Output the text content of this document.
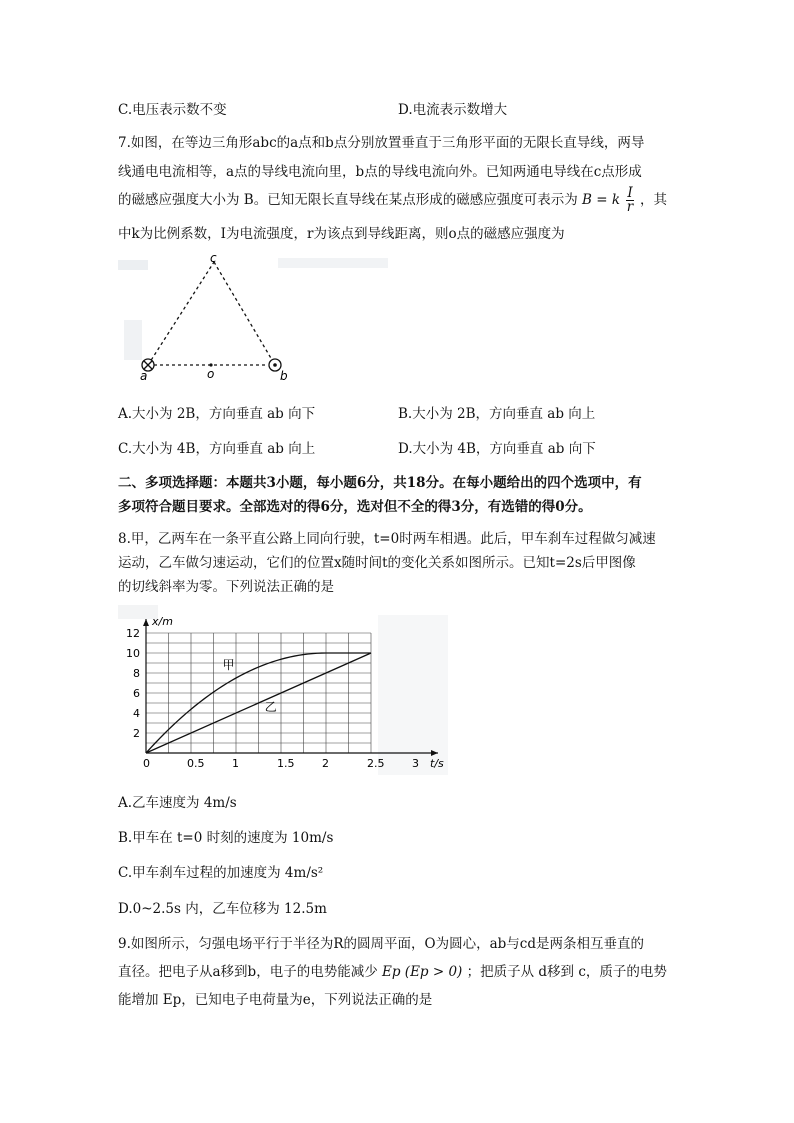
C.电压表示数不变	D.电流表示数增大
7.如图，在等边三角形abc的a点和b点分别放置垂直于三角形平面的无限长直导线，两导
线通电电流相等，a点的导线电流向里，b点的导线电流向外。已知两通电导线在c点形成
的磁感应强度大小为 B。已知无限长直导线在某点形成的磁感应强度可表示为 B = k $\frac{I}{r}$ ，其
中k为比例系数，I为电流强度，r为该点到导线距离，则o点的磁感应强度为
c
a	o	b
A.大小为 2B，方向垂直 ab 向下	B.大小为 2B，方向垂直 ab 向上
C.大小为 4B，方向垂直 ab 向上	D.大小为 4B，方向垂直 ab 向下
二、多项选择题：本题共3小题，每小题6分，共18分。在每小题给出的四个选项中，有
多项符合题目要求。全部选对的得6分，选对但不全的得3分，有选错的得0分。
8.甲，乙两车在一条平直公路上同向行驶，t=0时两车相遇。此后，甲车刹车过程做匀减速
运动，乙车做匀速运动，它们的位置x随时间t的变化关系如图所示。已知t=2s后甲图像
的切线斜率为零。下列说法正确的是
0	0.5	1	1.5	2	2.5	3
2
4
6
8
10
12
t/s
x/m
甲
乙
A.乙车速度为 4m/s
B.甲车在 t=0 时刻的速度为 10m/s
C.甲车刹车过程的加速度为 4m/s²
D.0~2.5s 内，乙车位移为 12.5m
9.如图所示，匀强电场平行于半径为R的圆周平面，O为圆心，ab与cd是两条相互垂直的
直径。把电子从a移到b，电子的电势能减少 Ep (Ep > 0) ；把质子从 d移到 c，质子的电势
能增加 Ep，已知电子电荷量为e，下列说法正确的是
